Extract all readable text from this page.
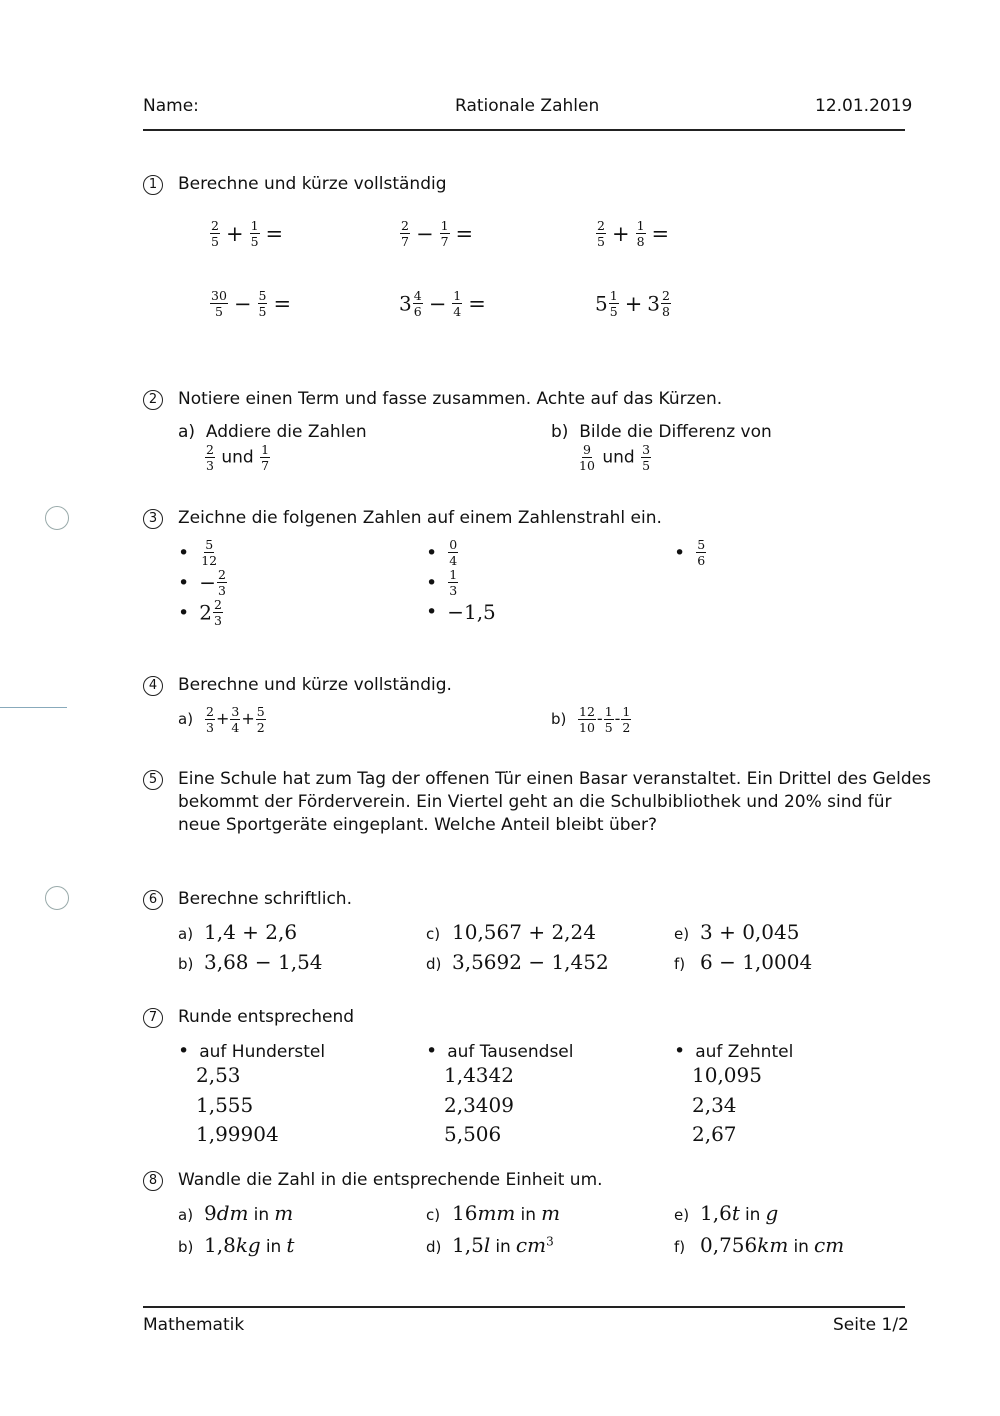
Name:	Rationale Zahlen	12.01.2019
1	Berechne und kürze vollständig
$\frac{2}{5} + \frac{1}{5}$ =	$\frac{2}{7} - \frac{1}{7}$ =	$\frac{2}{5} + \frac{1}{8}$ =
$\frac{30}{5} - \frac{5}{5}$ =	$3 \frac{4}{6} - \frac{1}{4}$ =	$5 \frac{1}{5} + 3 \frac{2}{8}$
2	Notiere einen Term und fasse zusammen. Achte auf das Kürzen.
a) Addiere die Zahlen
$\frac{2}{3}$ und $\frac{1}{7}$
b) Bilde die Differenz von
$\frac{9}{10}$ und $\frac{3}{5}$
3	Zeichne die folgenen Zahlen auf einem Zahlenstrahl ein.
• $\frac{5}{12}$
• − $\frac{2}{3}$
• $2 \frac{2}{3}$
• $\frac{0}{4}$
• $\frac{1}{3}$
• −1,5
• $\frac{5}{6}$
4	Berechne und kürze vollständig.
$a) \frac{2}{3} + \frac{3}{4} + \frac{5}{2}$	$b) \frac{12}{10} - \frac{1}{5} - \frac{1}{2}$
5	Eine Schule hat zum Tag der offenen Tür einen Basar veranstaltet. Ein Drittel des Geldes
bekommt der Förderverein. Ein Viertel geht an die Schulbibliothek und 20% sind für
neue Sportgeräte eingeplant. Welche Anteil bleibt über?
6	Berechne schriftlich.
a) 1,4 + 2,6
b) 3,68 − 1,54
c) 10,567 + 2,24
d) 3,5692 − 1,452
e) 3 + 0,045
f) 6 − 1,0004
7	Runde entsprechend
• auf Hunderstel
2,53
1,555
1,99904
• auf Tausendsel
1,4342
2,3409
5,506
• auf Zehntel
10,095
2,34
2,67
8	Wandle die Zahl in die entsprechende Einheit um.
a) 9dm in m
b) 1,8kg in t
c) 16mm in m
d) 1,5l in $cm^3$
e) 1,6t in g
f) 0,756km in cm
Mathematik	Seite 1/2
